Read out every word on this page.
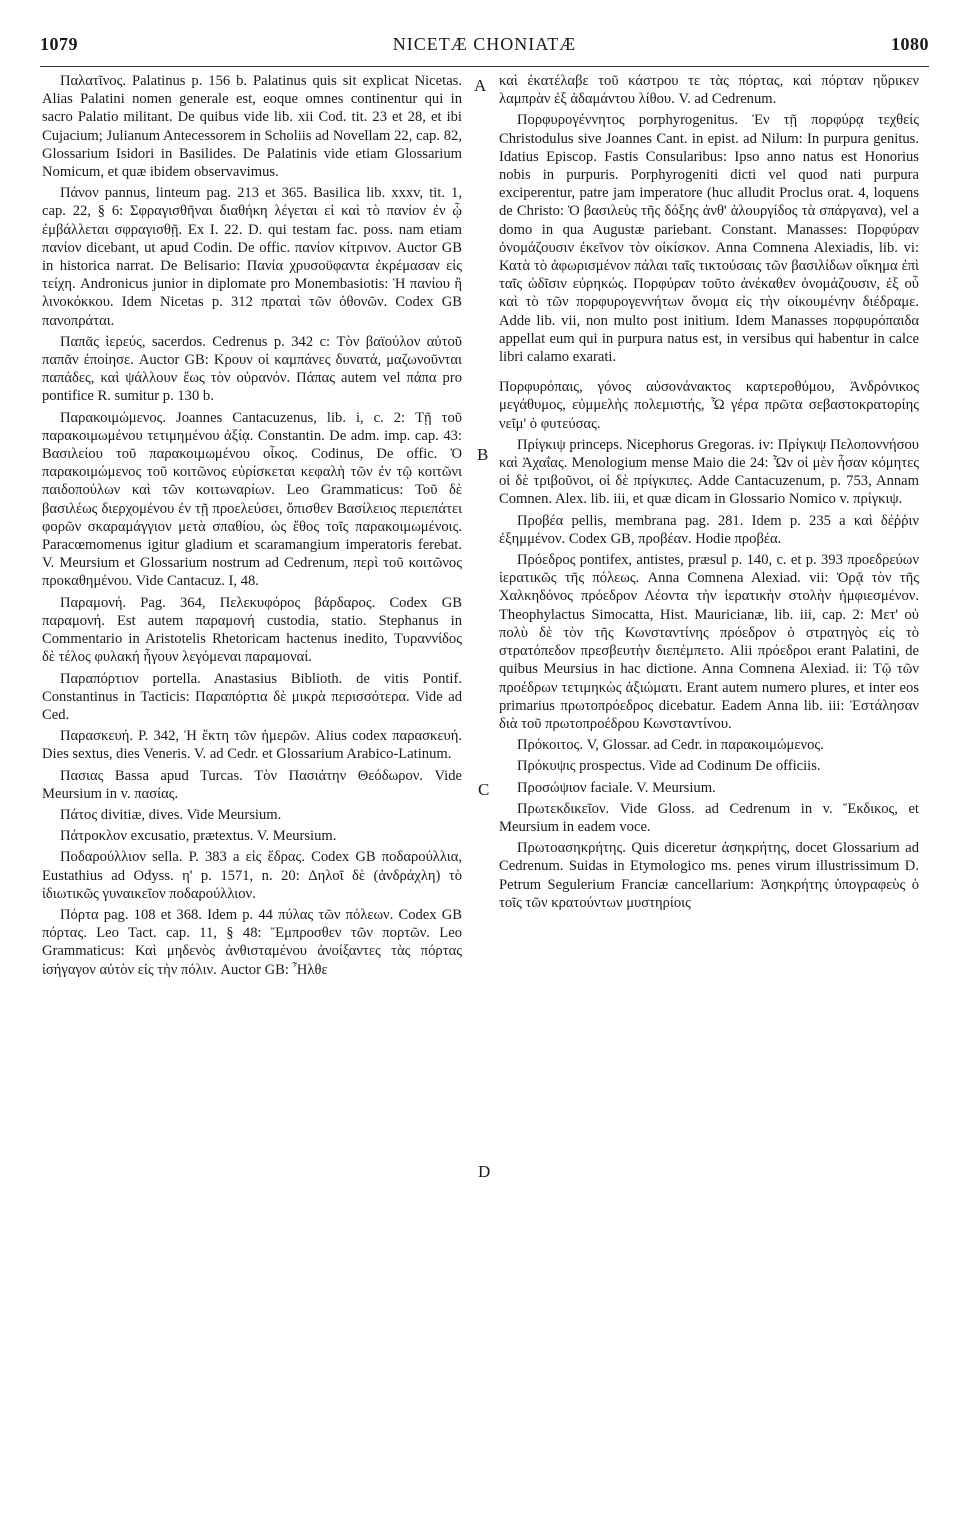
1079	NICETÆ CHONIATÆ	1080

Παλατῖνος. Palatinus p. 156 b. Palatinus quis sit explicat Nicetas. Alias Palatini nomen generale est, eoque omnes continentur qui in sacro Palatio militant. De quibus vide lib. xii Cod. tit. 23 et 28, et ibi Cujacium; Julianum Antecessorem in Scholiis ad Novellam 22, cap. 82, Glossarium Isidori in Basilides. De Palatinis vide etiam Glossarium Nomicum, et quæ ibidem observavimus.

Πάνον pannus, linteum pag. 213 et 365. Basilica lib. xxxv, tit. 1, cap. 22, § 6: Σφραγισθῆναι διαθήκη λέγεται εἰ καὶ τὸ πανίον ἐν ᾧ ἐμβάλλεται σφραγισθῇ. Ex I. 22. D. qui testam fac. poss. nam etiam πανίον dicebant, ut apud Codin. De offic. πανίον κίτρινον. Auctor GB in historica narrat. De Belisario: Πανία χρυσοϋφαντα ἐκρέμασαν εἰς τείχη. Andronicus junior in diplomate pro Monembasiotis: Ἡ πανίου ἢ λινοκόκκου. Idem Nicetas p. 312 πραταὶ τῶν ὀθονῶν. Codex GB πανοπράται.

Παπᾶς ἱερεύς, sacerdos. Cedrenus p. 342 c: Τὸν βαϊούλον αὐτοῦ παπᾶν ἐποίησε. Auctor GB: Κρουν οἱ καμπάνες δυνατά, μαζωνοῦνται παπάδες, καὶ ψάλλουν ἕως τὸν οὐρανόν. Πάπας autem vel πάπα pro pontifice R. sumitur p. 130 b.

Παρακοιμώμενος. Joannes Cantacuzenus, lib. i, c. 2: Τῇ τοῦ παρακοιμωμένου τετιμημένου ἀξίᾳ. Constantin. De adm. imp. cap. 43: Βασιλείου τοῦ παρακοιμωμένου οἶκος. Codinus, De offic. Ὁ παρακοιμώμενος τοῦ κοιτῶνος εὑρίσκεται κεφαλὴ τῶν ἐν τῷ κοιτῶνι παιδοπούλων καὶ τῶν κοιτωναρίων. Leo Grammaticus: Τοῦ δὲ βασιλέως διερχομένου ἐν τῇ προελεύσει, ὄπισθεν Βασίλειος περιεπάτει φορῶν σκαραμάγγιον μετὰ σπαθίου, ὡς ἔθος τοῖς παρακοιμωμένοις. Paracœmomenus igitur gladium et scaramangium imperatoris ferebat. V. Meursium et Glossarium nostrum ad Cedrenum, περὶ τοῦ κοιτῶνος προκαθημένου. Vide Cantacuz. I, 48.

Παραμονή. Pag. 364, Πελεκυφόρος βάρδαρος. Codex GB παραμονή. Est autem παραμονή custodia, statio. Stephanus in Commentario in Aristotelis Rhetoricam hactenus inedito, Τυραννίδος δὲ τέλος φυλακή ἦγουν λεγόμεναι παραμοναί.

Παραπόρτιον portella. Anastasius Biblioth. de vitis Pontif. Constantinus in Tacticis: Παραπόρτια δὲ μικρὰ περισσότερα. Vide ad Ced.

Παρασκευή. P. 342, Ἡ ἕκτη τῶν ἡμερῶν. Alius codex παρασκευή. Dies sextus, dies Veneris. V. ad Cedr. et Glossarium Arabico-Latinum.

Πασιας Bassa apud Turcas. Τὸν Πασιάτην Θεόδωρον. Vide Meursium in v. πασίας.

Πάτος divitiæ, dives. Vide Meursium.

Πάτροκλον excusatio, prætextus. V. Meursium.

Ποδαρούλλιον sella. P. 383 a εἰς ἕδρας. Codex GB ποδαρούλλια, Eustathius ad Odyss. η' p. 1571, n. 20: Δηλοῖ δὲ (ἀνδράχλη) τὸ ἰδιωτικῶς γυναικεῖον ποδαρούλλιον.

Πόρτα pag. 108 et 368. Idem p. 44 πύλας τῶν πόλεων. Codex GB πόρτας. Leo Tact. cap. 11, § 48: Ἔμπροσθεν τῶν πορτῶν. Leo Grammaticus: Καὶ μηδενὸς ἀνθισταμένου ἀνοίξαντες τὰς πόρτας ἰσήγαγον αὐτὸν εἰς τὴν πόλιν. Auctor GB: Ἦλθε

καὶ ἐκατέλαβε τοῦ κάστρου τε τὰς πόρτας, καὶ πόρταν ηὕρικεν λαμπρὰν ἐξ ἀδαμάντου λίθου. V. ad Cedrenum.

Πορφυρογέννητος porphyrogenitus. Ἐν τῇ πορφύρᾳ τεχθείς Christodulus sive Joannes Cant. in epist. ad Nilum: In purpura genitus. Idatius Episcop. Fastis Consularibus: Ipso anno natus est Honorius nobis in purpuris. Porphyrogeniti dicti vel quod nati purpura exciperentur, patre jam imperatore (huc alludit Proclus orat. 4, loquens de Christo: Ὁ βασιλεὺς τῆς δόξης ἀνθ' ἁλουργίδος τὰ σπάργανα), vel a domo in qua Augustæ pariebant. Constant. Manasses: Πορφύραν ὀνομάζουσιν ἐκεῖνον τὸν οἰκίσκον. Anna Comnena Alexiadis, lib. vi: Κατὰ τὸ ἀφωρισμένον πάλαι ταῖς τικτούσαις τῶν βασιλίδων οἴκημα ἐπὶ ταῖς ὠδῖσιν εὐρηκώς. Πορφύραν τοῦτο ἀνέκαθεν ὀνομάζουσιν, ἐξ οὗ καὶ τὸ τῶν πορφυρογεννήτων ὄνομα εἰς τὴν οἰκουμένην διέδραμε. Adde lib. vii, non multo post initium. Idem Manasses πορφυρόπαιδα appellat eum qui in purpura natus est, in versibus qui habentur in calce libri calamo exarati.

Πορφυρόπαις, γόνος αὐσονάνακτος καρτεροθύμου, Ἀνδρόνικος μεγάθυμος, εὐμμελὴς πολεμιστής, Ὦ γέρα πρῶτα σεβαστοκρατορίης νεῖμ' ὁ φυτεύσας.

Πρίγκιψ princeps. Nicephorus Gregoras. iv: Πρίγκιψ Πελοποννήσου καὶ Ἀχαΐας. Menologium mense Maio die 24: Ὧν οἱ μὲν ἦσαν κόμητες οἱ δὲ τριβοῦνοι, οἱ δὲ πρίγκιπες. Adde Cantacuzenum, p. 753, Annam Comnen. Alex. lib. iii, et quæ dicam in Glossario Nomico v. πρίγκιψ.

Προβέα pellis, membrana pag. 281. Idem p. 235 a καὶ δέῤῥιν ἐξημμένον. Codex GB, προβέαν. Hodie προβέα.

Πρόεδρος pontifex, antistes, præsul p. 140, c. et p. 393 προεδρεύων ἱερατικῶς τῆς πόλεως. Anna Comnena Alexiad. vii: Ὁρᾷ τὸν τῆς Χαλκηδόνος πρόεδρον Λέοντα τὴν ἱερατικὴν στολὴν ἠμφιεσμένον. Theophylactus Simocatta, Hist. Mauricianæ, lib. iii, cap. 2: Μετ' οὐ πολὺ δὲ τὸν τῆς Κωνσταντίνης πρόεδρον ὁ στρατηγὸς εἰς τὸ στρατόπεδον πρεσβευτὴν διεπέμπετο. Alii πρόεδροι erant Palatini, de quibus Meursius in hac dictione. Anna Comnena Alexiad. ii: Τῷ τῶν προέδρων τετιμηκὼς ἀξιώματι. Erant autem numero plures, et inter eos primarius πρωτοπρόεδρος dicebatur. Eadem Anna lib. iii: Ἐστάλησαν διὰ τοῦ πρωτοπροέδρου Κωνσταντίνου.

Πρόκοιτος. V, Glossar. ad Cedr. in παρακοιμώμενος.

Πρόκυψις prospectus. Vide ad Codinum De officiis.

Προσώψιον faciale. V. Meursium.

Πρωτεκδικεῖον. Vide Gloss. ad Cedrenum in v. Ἔκδικος, et Meursium in eadem voce.

Πρωτοασηκρήτης. Quis diceretur ἀσηκρήτης, docet Glossarium ad Cedrenum. Suidas in Etymologico ms. penes virum illustrissimum D. Petrum Segulerium Franciæ cancellarium: Ἀσηκρήτης ὑπογραφεὺς ὁ τοῖς τῶν κρατούντων μυστηρίοις

A
B
C
D
